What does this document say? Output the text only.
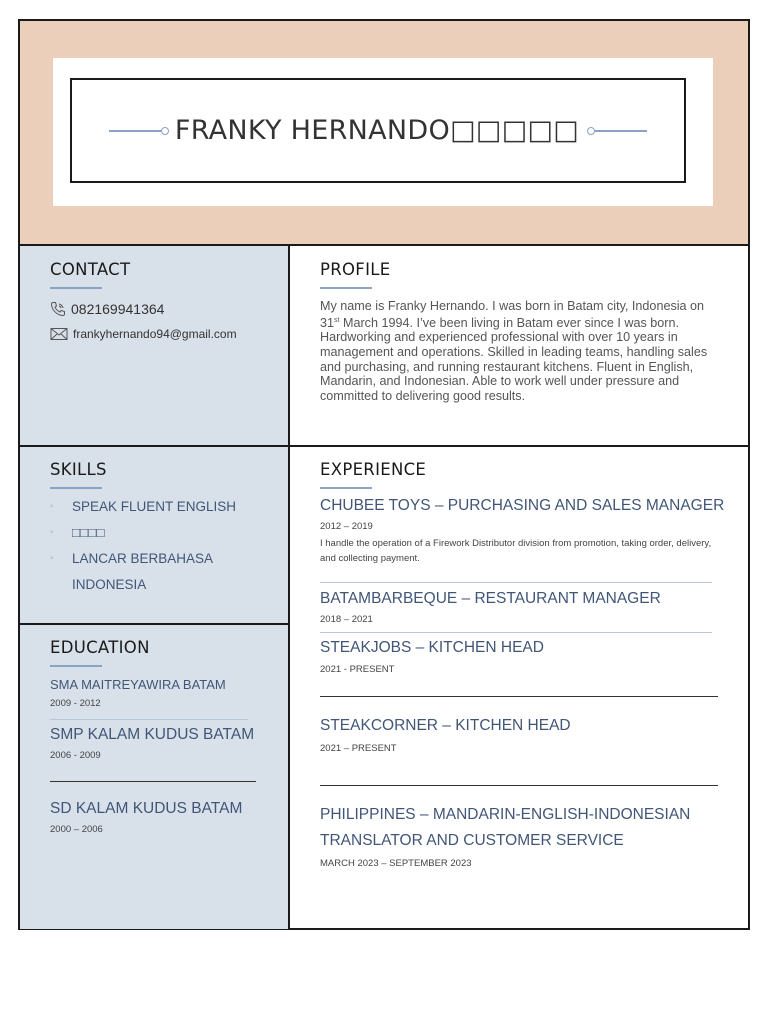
FRANKY HERNANDO□□□□□
CONTACT
082169941364
frankyhernando94@gmail.com
PROFILE
My name is Franky Hernando. I was born in Batam city, Indonesia on 31st March 1994. I’ve been living in Batam ever since I was born. Hardworking and experienced professional with over 10 years in management and operations. Skilled in leading teams, handling sales and purchasing, and running restaurant kitchens. Fluent in English, Mandarin, and Indonesian. Able to work well under pressure and committed to delivering good results.
SKILLS
◦	SPEAK FLUENT ENGLISH
◦	□□□□
◦	LANCAR BERBAHASA
INDONESIA
EDUCATION
SMA MAITREYAWIRA BATAM
2009 - 2012
SMP KALAM KUDUS BATAM
2006 - 2009
SD KALAM KUDUS BATAM
2000 – 2006
EXPERIENCE
CHUBEE TOYS – PURCHASING AND SALES MANAGER
2012 – 2019
I handle the operation of a Firework Distributor division from promotion, taking order, delivery, and collecting payment.
BATAMBARBEQUE – RESTAURANT MANAGER
2018 – 2021
STEAKJOBS – KITCHEN HEAD
2021 - PRESENT
STEAKCORNER – KITCHEN HEAD
2021 – PRESENT
PHILIPPINES – MANDARIN-ENGLISH-INDONESIAN
TRANSLATOR AND CUSTOMER SERVICE
MARCH 2023 – SEPTEMBER 2023
